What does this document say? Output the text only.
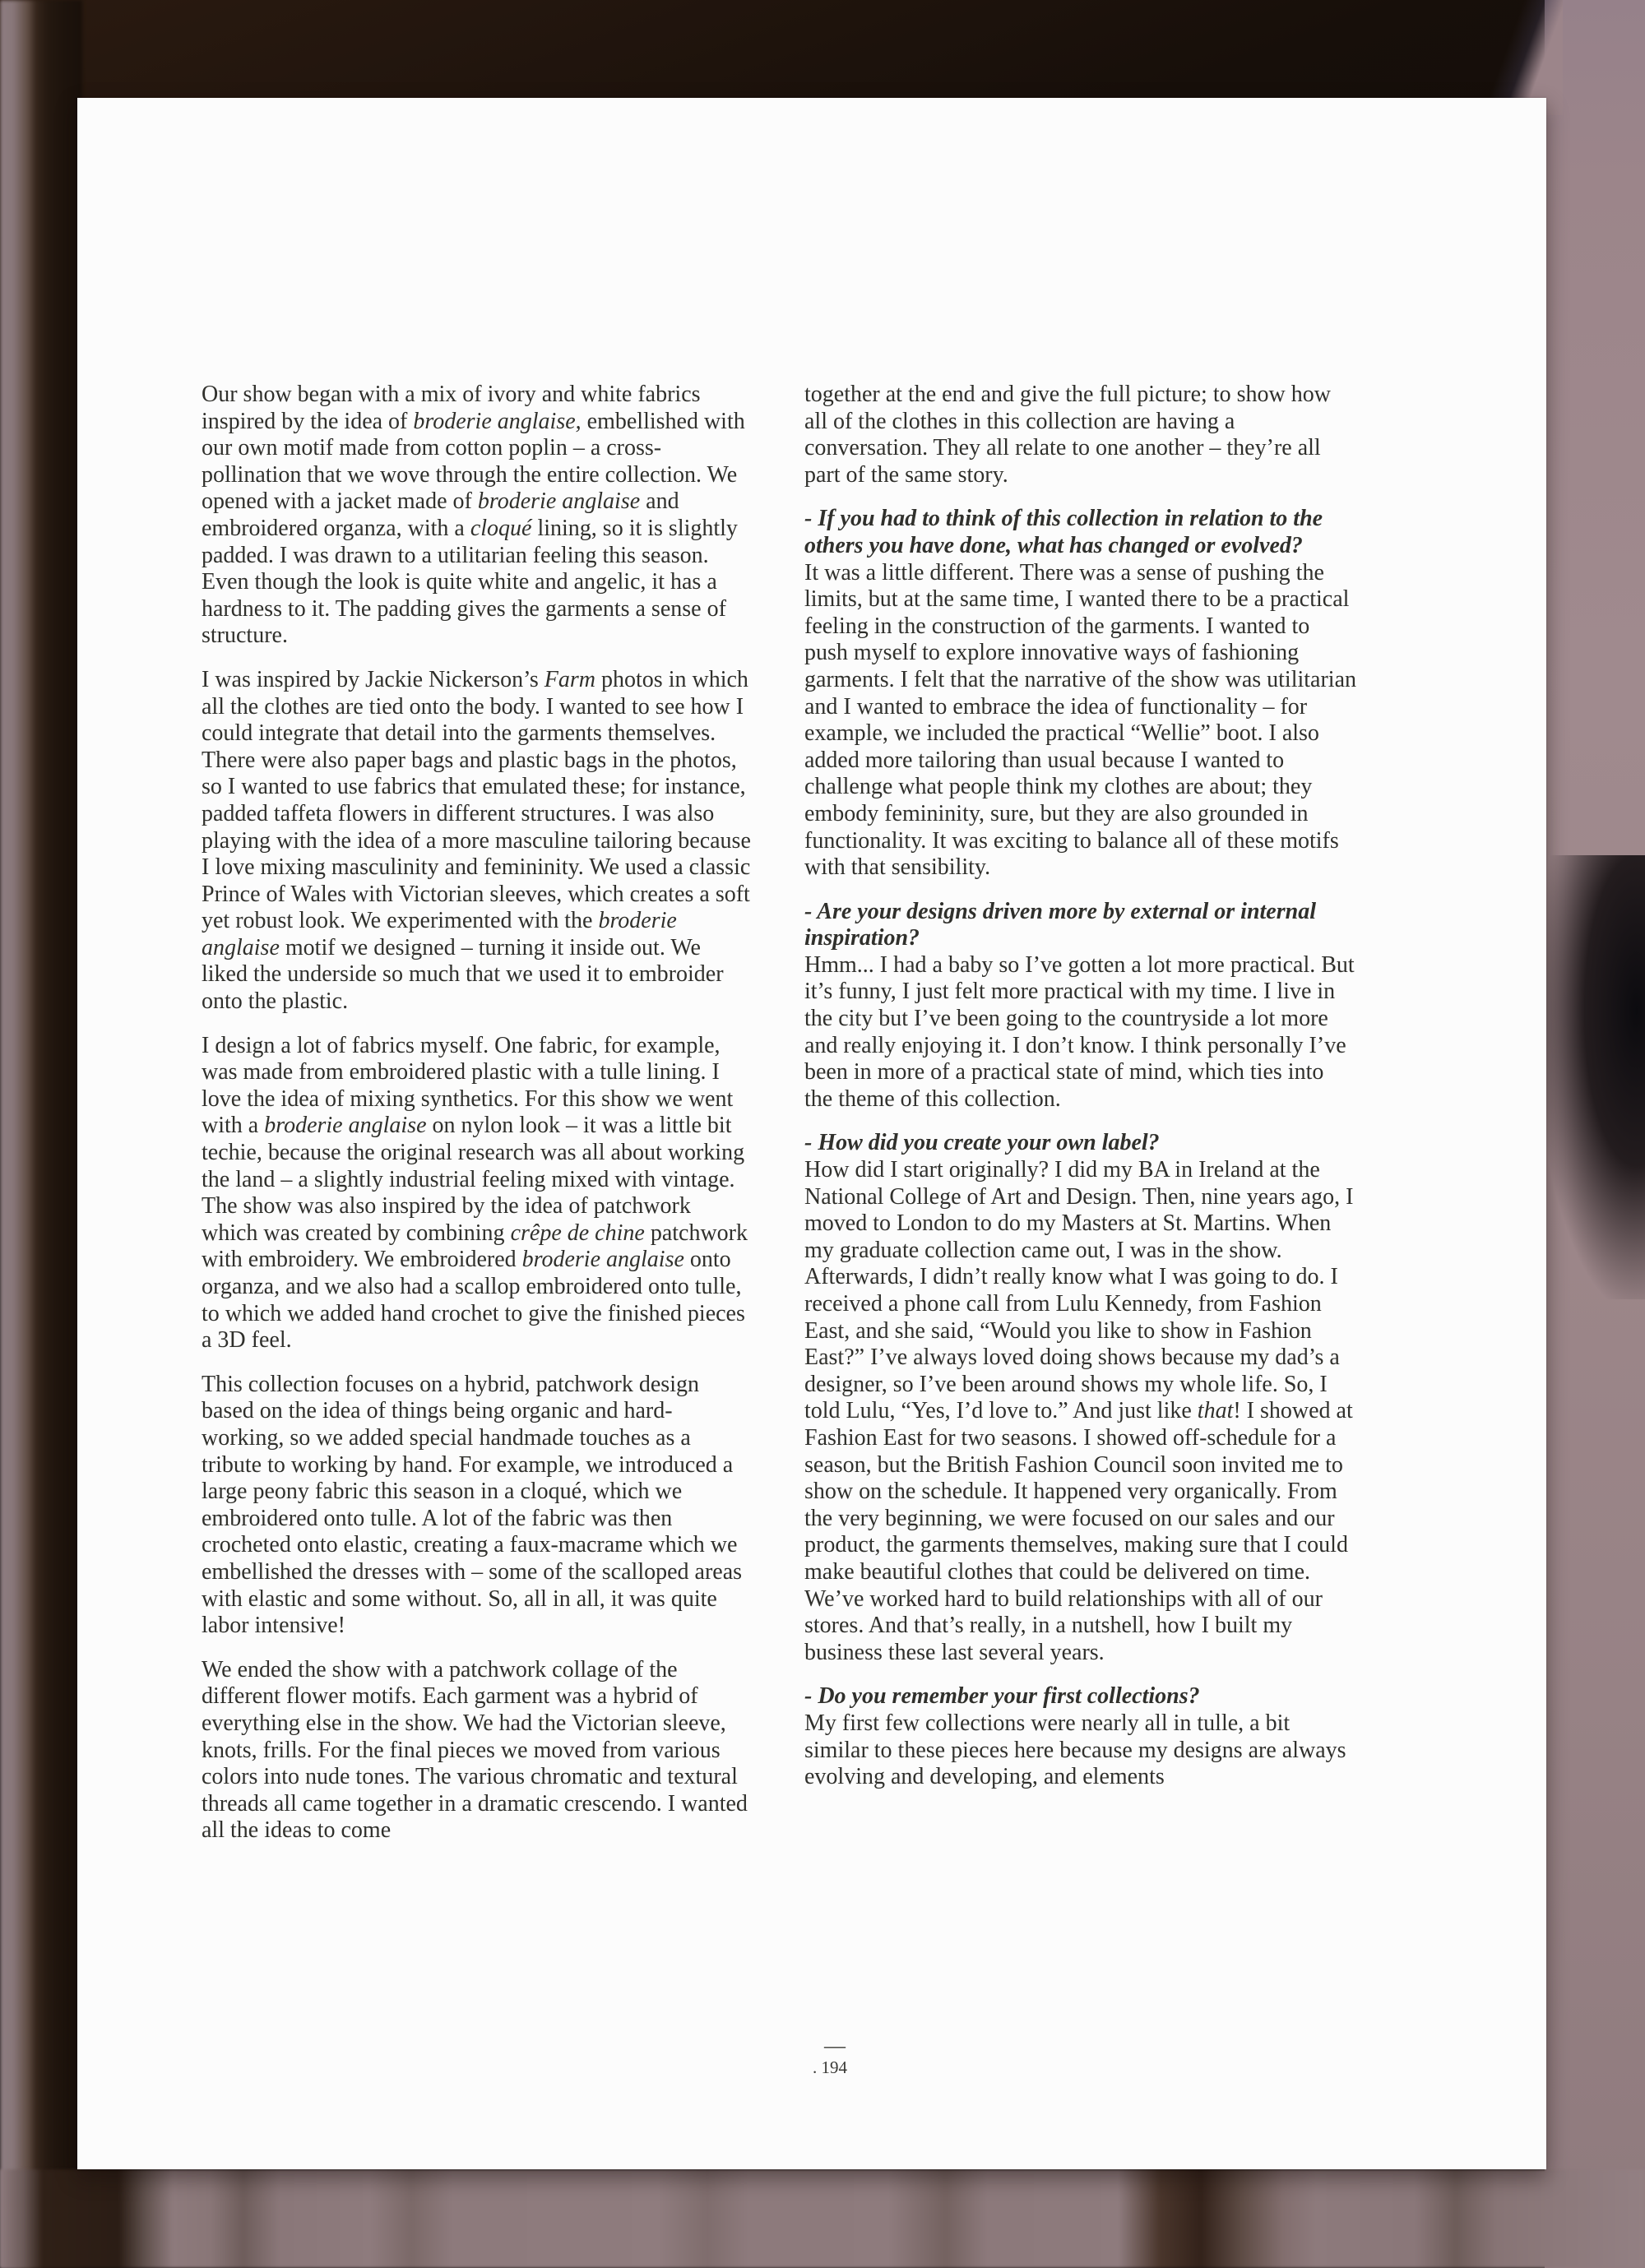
Our show began with a mix of ivory and white fabrics inspired by the idea of broderie anglaise, embellished with our own motif made from cotton poplin – a cross-pollination that we wove through the entire collection. We opened with a jacket made of broderie anglaise and embroidered organza, with a cloqué lining, so it is slightly padded. I was drawn to a utilitarian feeling this season. Even though the look is quite white and angelic, it has a hardness to it. The padding gives the garments a sense of structure.
I was inspired by Jackie Nickerson’s Farm photos in which all the clothes are tied onto the body. I wanted to see how I could integrate that detail into the garments themselves. There were also paper bags and plastic bags in the photos, so I wanted to use fabrics that emulated these; for instance, padded taffeta flowers in different structures. I was also playing with the idea of a more masculine tailoring because I love mixing masculinity and femininity. We used a classic Prince of Wales with Victorian sleeves, which creates a soft yet robust look. We experimented with the broderie anglaise motif we designed – turning it inside out. We liked the underside so much that we used it to embroider onto the plastic.
I design a lot of fabrics myself. One fabric, for example, was made from embroidered plastic with a tulle lining. I love the idea of mixing synthetics. For this show we went with a broderie anglaise on nylon look – it was a little bit techie, because the original research was all about working the land – a slightly industrial feeling mixed with vintage. The show was also inspired by the idea of patchwork which was created by combining crêpe de chine patchwork with embroidery. We embroidered broderie anglaise onto organza, and we also had a scallop embroidered onto tulle, to which we added hand crochet to give the finished pieces a 3D feel.
This collection focuses on a hybrid, patchwork design based on the idea of things being organic and hard-working, so we added special handmade touches as a tribute to working by hand. For example, we introduced a large peony fabric this season in a cloqué, which we embroidered onto tulle. A lot of the fabric was then crocheted onto elastic, creating a faux-macrame which we embellished the dresses with – some of the scalloped areas with elastic and some without. So, all in all, it was quite labor intensive!
We ended the show with a patchwork collage of the different flower motifs. Each garment was a hybrid of everything else in the show. We had the Victorian sleeve, knots, frills. For the final pieces we moved from various colors into nude tones. The various chromatic and textural threads all came together in a dramatic crescendo. I wanted all the ideas to come
together at the end and give the full picture; to show how all of the clothes in this collection are having a conversation. They all relate to one another – they’re all part of the same story.
- If you had to think of this collection in relation to the others you have done, what has changed or evolved?
It was a little different. There was a sense of pushing the limits, but at the same time, I wanted there to be a practical feeling in the construction of the garments. I wanted to push myself to explore innovative ways of fashioning garments. I felt that the narrative of the show was utilitarian and I wanted to embrace the idea of functionality – for example, we included the practical “Wellie” boot. I also added more tailoring than usual because I wanted to challenge what people think my clothes are about; they embody femininity, sure, but they are also grounded in functionality. It was exciting to balance all of these motifs with that sensibility.
- Are your designs driven more by external or internal inspiration?
Hmm... I had a baby so I’ve gotten a lot more practical. But it’s funny, I just felt more practical with my time. I live in the city but I’ve been going to the countryside a lot more and really enjoying it. I don’t know. I think personally I’ve been in more of a practical state of mind, which ties into the theme of this collection.
- How did you create your own label?
How did I start originally? I did my BA in Ireland at the National College of Art and Design. Then, nine years ago, I moved to London to do my Masters at St. Martins. When my graduate collection came out, I was in the show. Afterwards, I didn’t really know what I was going to do. I received a phone call from Lulu Kennedy, from Fashion East, and she said, “Would you like to show in Fashion East?” I’ve always loved doing shows because my dad’s a designer, so I’ve been around shows my whole life. So, I told Lulu, “Yes, I’d love to.” And just like that! I showed at Fashion East for two seasons. I showed off-schedule for a season, but the British Fashion Council soon invited me to show on the schedule. It happened very organically. From the very beginning, we were focused on our sales and our product, the garments themselves, making sure that I could make beautiful clothes that could be delivered on time. We’ve worked hard to build relationships with all of our stores. And that’s really, in a nutshell, how I built my business these last several years.
- Do you remember your first collections?
My first few collections were nearly all in tulle, a bit similar to these pieces here because my designs are always evolving and developing, and elements
—
. 194
